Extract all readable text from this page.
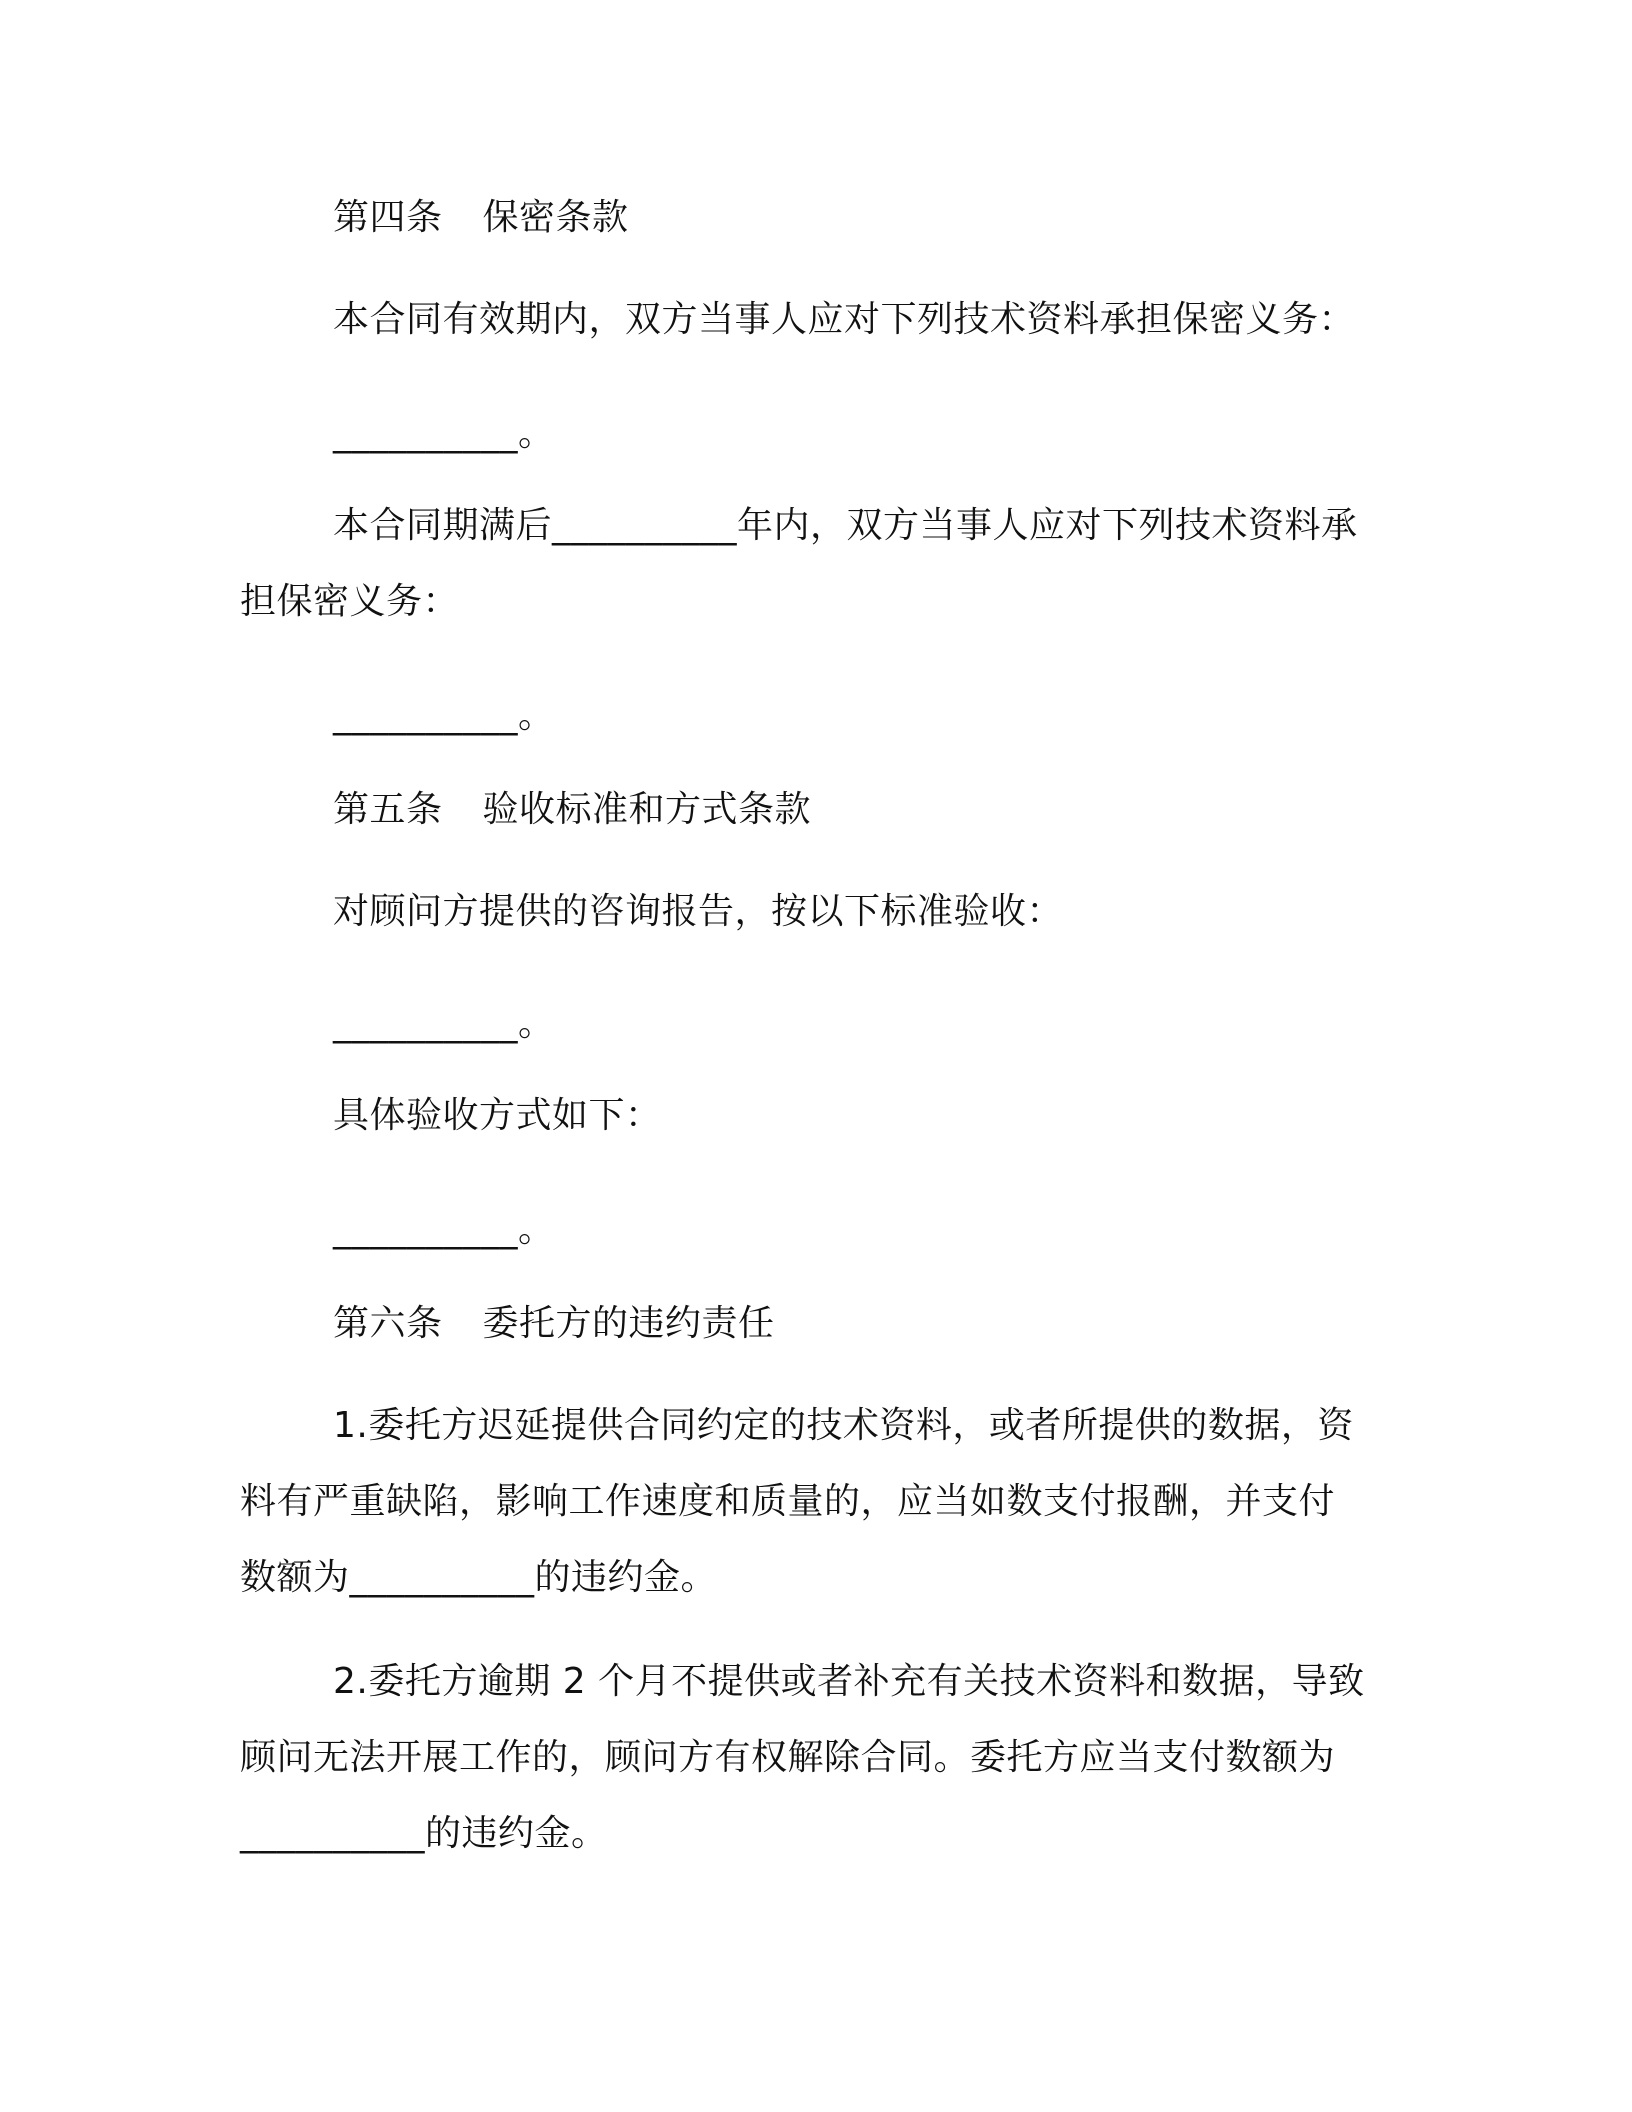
第四条 保密条款
本合同有效期内，双方当事人应对下列技术资料承担保密义务：
__________。
本合同期满后__________年内，双方当事人应对下列技术资料承
担保密义务：
__________。
第五条 验收标准和方式条款
对顾问方提供的咨询报告，按以下标准验收：
__________。
具体验收方式如下：
__________。
第六条 委托方的违约责任
1.委托方迟延提供合同约定的技术资料，或者所提供的数据，资
料有严重缺陷，影响工作速度和质量的，应当如数支付报酬，并支付
数额为__________的违约金。
2.委托方逾期 2 个月不提供或者补充有关技术资料和数据，导致
顾问无法开展工作的，顾问方有权解除合同。委托方应当支付数额为
__________的违约金。
